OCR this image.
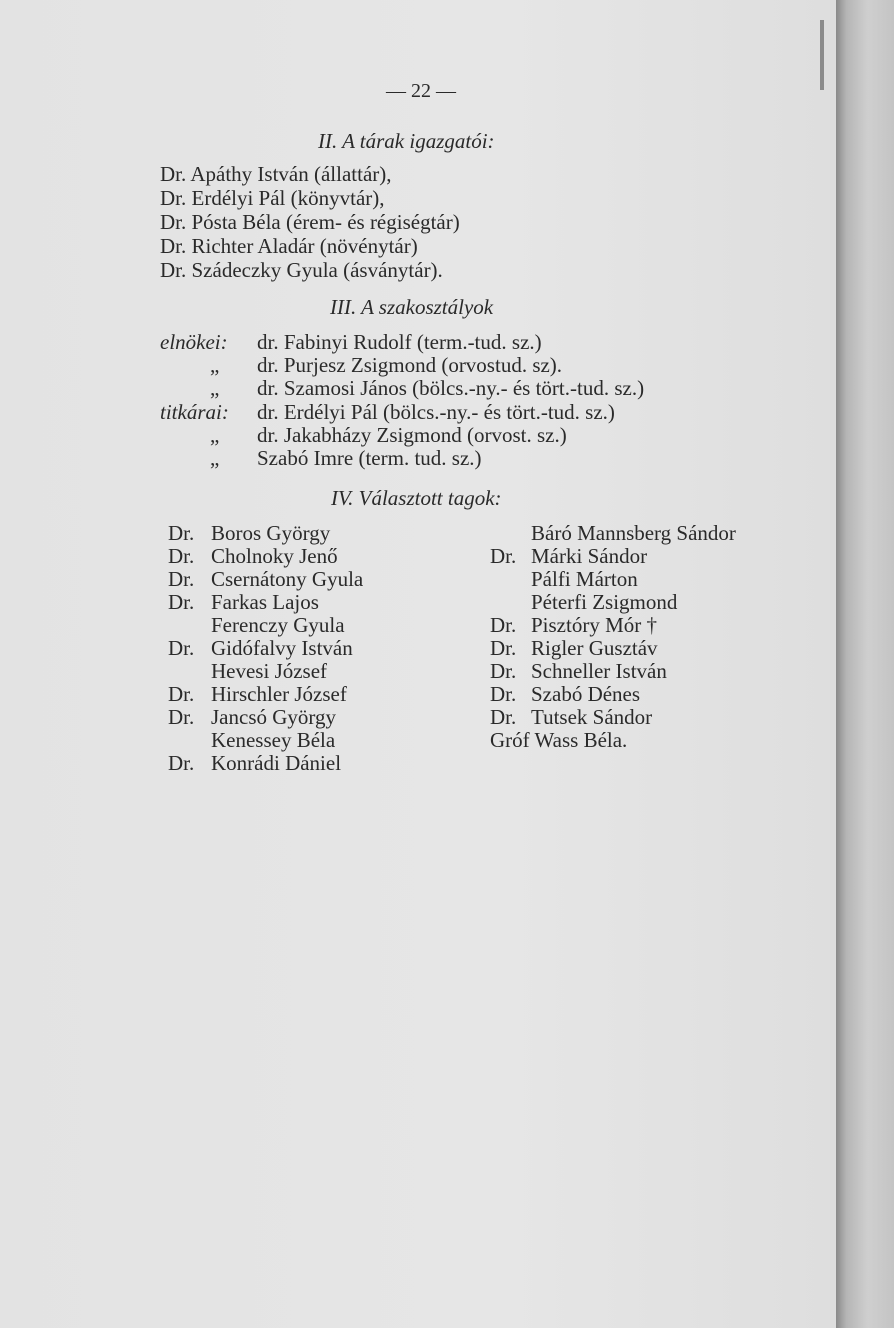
— 22 —
II. A tárak igazgatói:
Dr. Apáthy István (állattár),
Dr. Erdélyi Pál (könyvtár),
Dr. Pósta Béla (érem- és régiségtár)
Dr. Richter Aladár (növénytár)
Dr. Szádeczky Gyula (ásványtár).
III. A szakosztályok
elnökei: dr. Fabinyi Rudolf (term.-tud. sz.)
„ dr. Purjesz Zsigmond (orvostud. sz).
„ dr. Szamosi János (bölcs.-ny.- és tört.-tud. sz.)
titkárai: dr. Erdélyi Pál (bölcs.-ny.- és tört.-tud. sz.)
„ dr. Jakabházy Zsigmond (orvost. sz.)
„ Szabó Imre (term. tud. sz.)
IV. Választott tagok:
Dr. Boros György
Dr. Cholnoky Jenő
Dr. Csernátony Gyula
Dr. Farkas Lajos
Ferenczy Gyula
Dr. Gidófalvy István
Hevesi József
Dr. Hirschler József
Dr. Jancsó György
Kenessey Béla
Dr. Konrádi Dániel
Báró Mannsberg Sándor
Dr. Márki Sándor
Pálfi Márton
Péterfi Zsigmond
Dr. Pisztóry Mór †
Dr. Rigler Gusztáv
Dr. Schneller István
Dr. Szabó Dénes
Dr. Tutsek Sándor
Gróf Wass Béla.
